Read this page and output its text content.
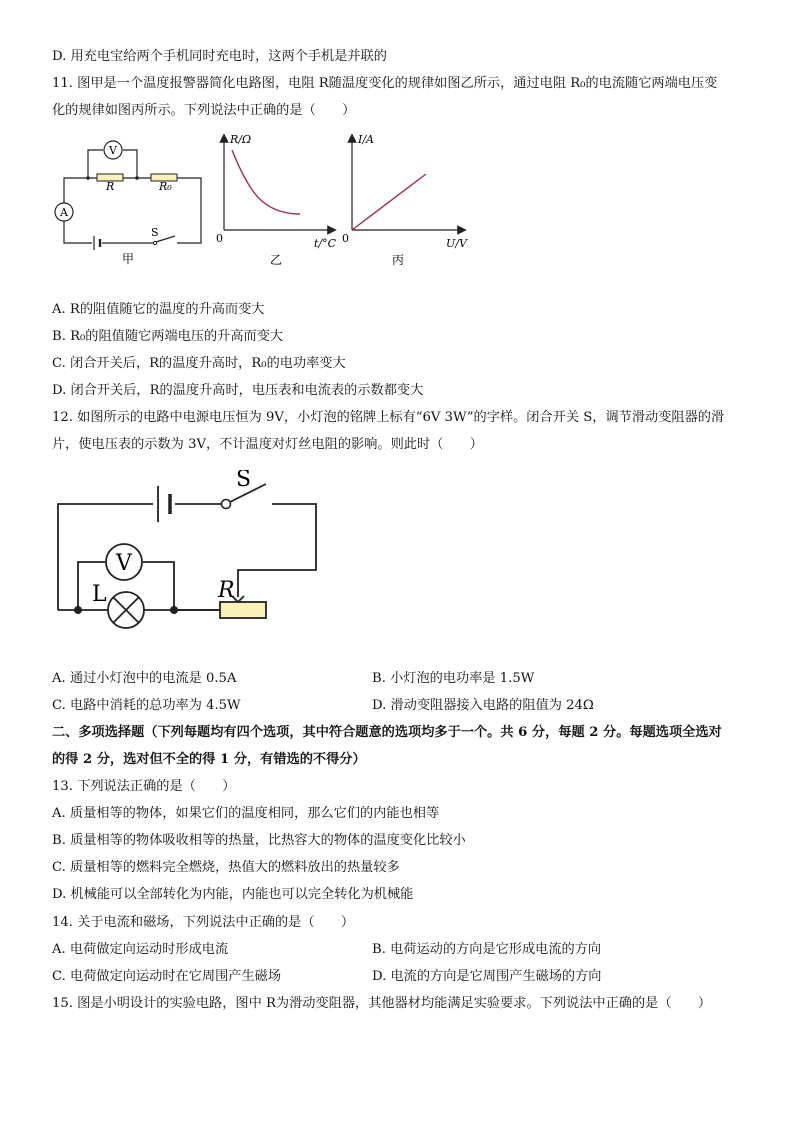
D. 用充电宝给两个手机同时充电时，这两个手机是并联的
11. 图甲是一个温度报警器简化电路图，电阻 R随温度变化的规律如图乙所示，通过电阻 R₀的电流随它两端电压变
化的规律如图丙所示。下列说法中正确的是（　　）
V
A
R	R₀
S
甲
R/Ω
0	t/°C
乙
I/A
0	U/V
丙
A. R的阻值随它的温度的升高而变大
B. R₀的阻值随它两端电压的升高而变大
C. 闭合开关后，R的温度升高时，R₀的电功率变大
D. 闭合开关后，R的温度升高时，电压表和电流表的示数都变大
12. 如图所示的电路中电源电压恒为 9V，小灯泡的铭牌上标有“6V 3W”的字样。闭合开关 S，调节滑动变阻器的滑
片，使电压表的示数为 3V，不计温度对灯丝电阻的影响。则此时（　　）
S
V
L	R
A. 通过小灯泡中的电流是 0.5A	B. 小灯泡的电功率是 1.5W
C. 电路中消耗的总功率为 4.5W	D. 滑动变阻器接入电路的阻值为 24Ω
二、多项选择题（下列每题均有四个选项，其中符合题意的选项均多于一个。共 6 分，每题 2 分。每题选项全选对
的得 2 分，选对但不全的得 1 分，有错选的不得分）
13. 下列说法正确的是（　　）
A. 质量相等的物体，如果它们的温度相同，那么它们的内能也相等
B. 质量相等的物体吸收相等的热量，比热容大的物体的温度变化比较小
C. 质量相等的燃料完全燃烧，热值大的燃料放出的热量较多
D. 机械能可以全部转化为内能，内能也可以完全转化为机械能
14. 关于电流和磁场，下列说法中正确的是（　　）
A. 电荷做定向运动时形成电流	B. 电荷运动的方向是它形成电流的方向
C. 电荷做定向运动时在它周围产生磁场	D. 电流的方向是它周围产生磁场的方向
15. 图是小明设计的实验电路，图中 R为滑动变阻器，其他器材均能满足实验要求。下列说法中正确的是（　　）
